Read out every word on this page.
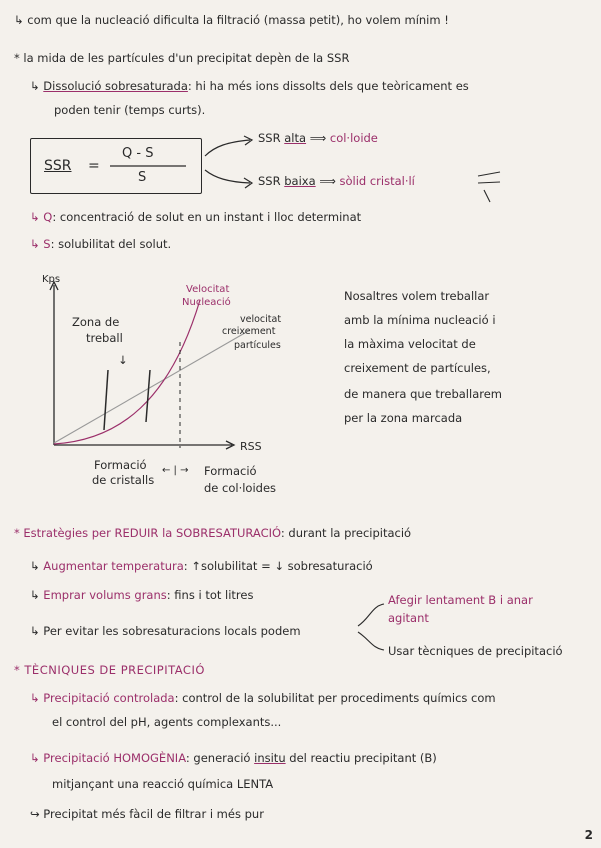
↳ com que la nucleació dificulta la filtració (massa petit), ho volem mínim !
* la mida de les partícules d'un precipitat depèn de la SSR
↳ Dissolució sobresaturada: hi ha més ions dissolts dels que teòricament es
poden tenir (temps curts).
SSR =
Q - S
S
SSR alta ⟹ col·loide
SSR baixa ⟹ sòlid cristal·lí
↳ Q: concentració de solut en un instant i lloc determinat
↳ S: solubilitat del solut.
Kps
RSS
Velocitat
Nucleació
velocitat
creixement
partícules
Zona de
treball
↓
Formació
de cristalls
← | → Formació
de col·loides
Nosaltres volem treballar
amb la mínima nucleació i
la màxima velocitat de
creixement de partícules,
de manera que treballarem
per la zona marcada
* Estratègies per REDUIR la SOBRESATURACIÓ: durant la precipitació
↳ Augmentar temperatura: ↑solubilitat = ↓ sobresaturació
↳ Emprar volums grans: fins i tot litres
↳ Per evitar les sobresaturacions locals podem
Afegir lentament B i anar
agitant
Usar tècniques de precipitació
* TÈCNIQUES DE PRECIPITACIÓ
↳ Precipitació controlada: control de la solubilitat per procediments químics com
el control del pH, agents complexants...
↳ Precipitació HOMOGÈNIA: generació insitu del reactiu precipitant (B)
mitjançant una reacció química LENTA
↪ Precipitat més fàcil de filtrar i més pur
2
